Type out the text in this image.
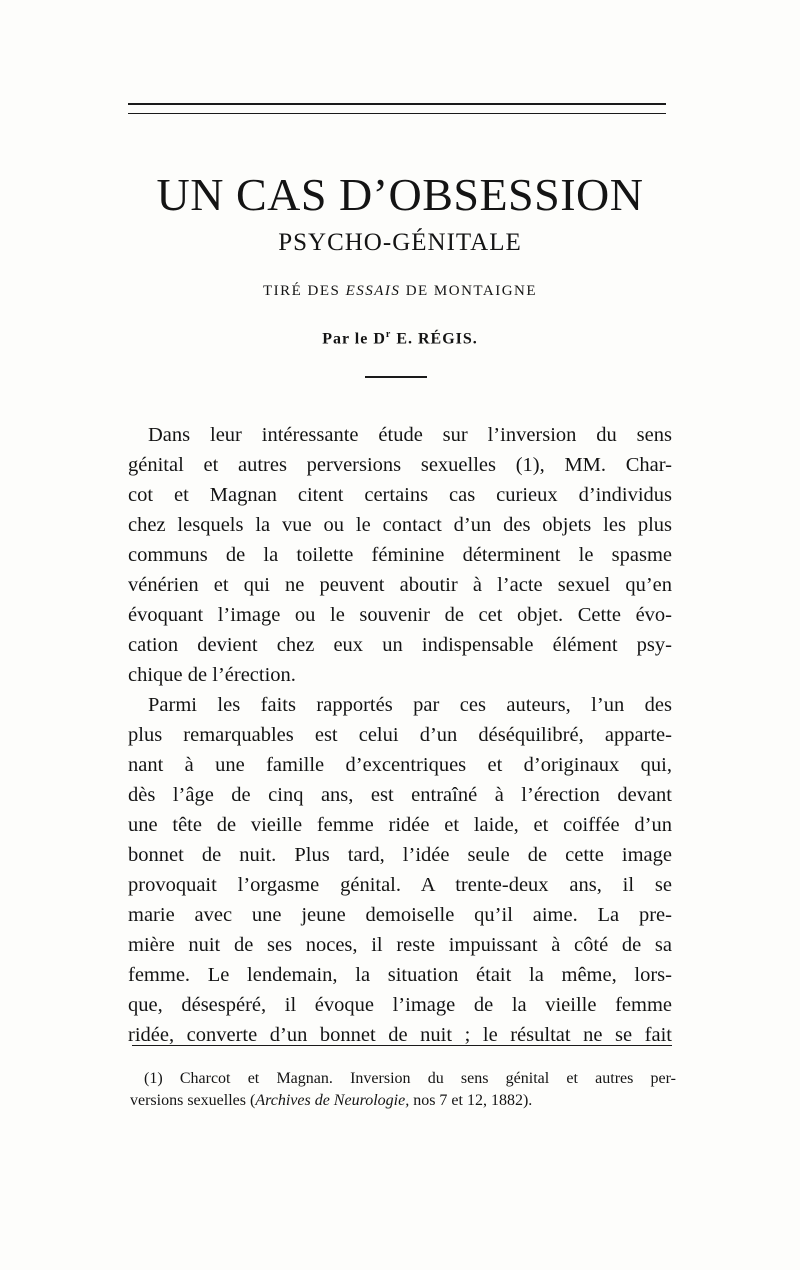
UN CAS D’OBSESSION
PSYCHO-GÉNITALE
TIRÉ DES ESSAIS DE MONTAIGNE
Par le $D^r$ E. RÉGIS.
Dans leur intéressante étude sur l’inversion du sens
génital et autres perversions sexuelles (1), MM. Char-
cot et Magnan citent certains cas curieux d’individus
chez lesquels la vue ou le contact d’un des objets les plus
communs de la toilette féminine déterminent le spasme
vénérien et qui ne peuvent aboutir à l’acte sexuel qu’en
évoquant l’image ou le souvenir de cet objet. Cette évo-
cation devient chez eux un indispensable élément psy-
chique de l’érection.
Parmi les faits rapportés par ces auteurs, l’un des
plus remarquables est celui d’un déséquilibré, apparte-
nant à une famille d’excentriques et d’originaux qui,
dès l’âge de cinq ans, est entraîné à l’érection devant
une tête de vieille femme ridée et laide, et coiffée d’un
bonnet de nuit. Plus tard, l’idée seule de cette image
provoquait l’orgasme génital. A trente-deux ans, il se
marie avec une jeune demoiselle qu’il aime. La pre-
mière nuit de ses noces, il reste impuissant à côté de sa
femme. Le lendemain, la situation était la même, lors-
que, désespéré, il évoque l’image de la vieille femme
ridée, converte d’un bonnet de nuit ; le résultat ne se fait
(1) Charcot et Magnan. Inversion du sens génital et autres per-
versions sexuelles (Archives de Neurologie, nos 7 et 12, 1882).
